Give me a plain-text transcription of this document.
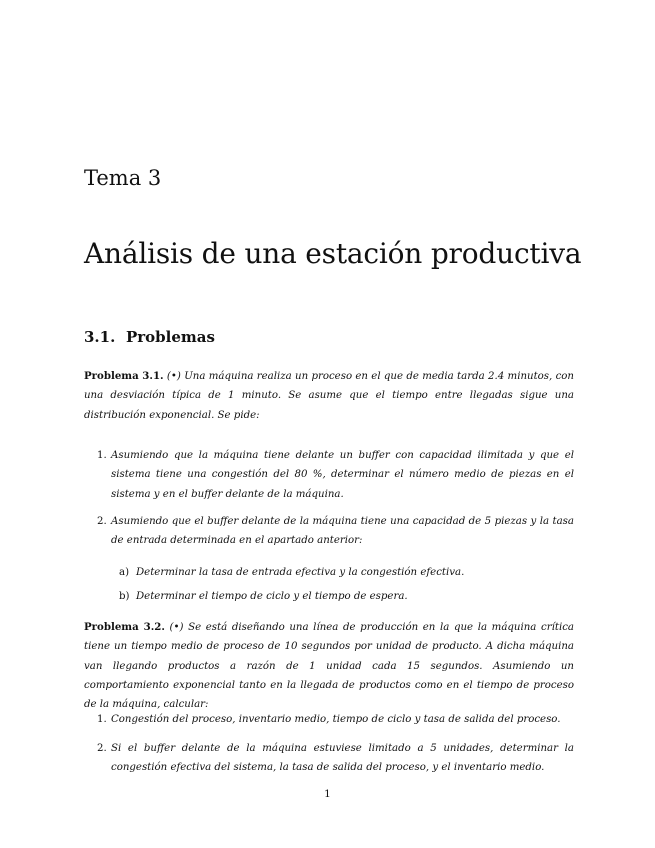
Tema 3
Análisis de una estación productiva
3.1. Problemas

Problema 3.1. (•) Una máquina realiza un proceso en el que de media tarda 2.4 minutos, con una desviación típica de 1 minuto. Se asume que el tiempo entre llegadas sigue una distribución exponencial. Se pide:

1. Asumiendo que la máquina tiene delante un buffer con capacidad ilimitada y que el sistema tiene una congestión del 80 %, determinar el número medio de piezas en el sistema y en el buffer delante de la máquina.
2. Asumiendo que el buffer delante de la máquina tiene una capacidad de 5 piezas y la tasa de entrada determinada en el apartado anterior:
a) Determinar la tasa de entrada efectiva y la congestión efectiva.
b) Determinar el tiempo de ciclo y el tiempo de espera.

Problema 3.2. (•) Se está diseñando una línea de producción en la que la máquina crítica tiene un tiempo medio de proceso de 10 segundos por unidad de producto. A dicha máquina van llegando productos a razón de 1 unidad cada 15 segundos. Asumiendo un comportamiento exponencial tanto en la llegada de productos como en el tiempo de proceso de la máquina, calcular:

1. Congestión del proceso, inventario medio, tiempo de ciclo y tasa de salida del proceso.
2. Si el buffer delante de la máquina estuviese limitado a 5 unidades, determinar la congestión efectiva del sistema, la tasa de salida del proceso, y el inventario medio.
1
